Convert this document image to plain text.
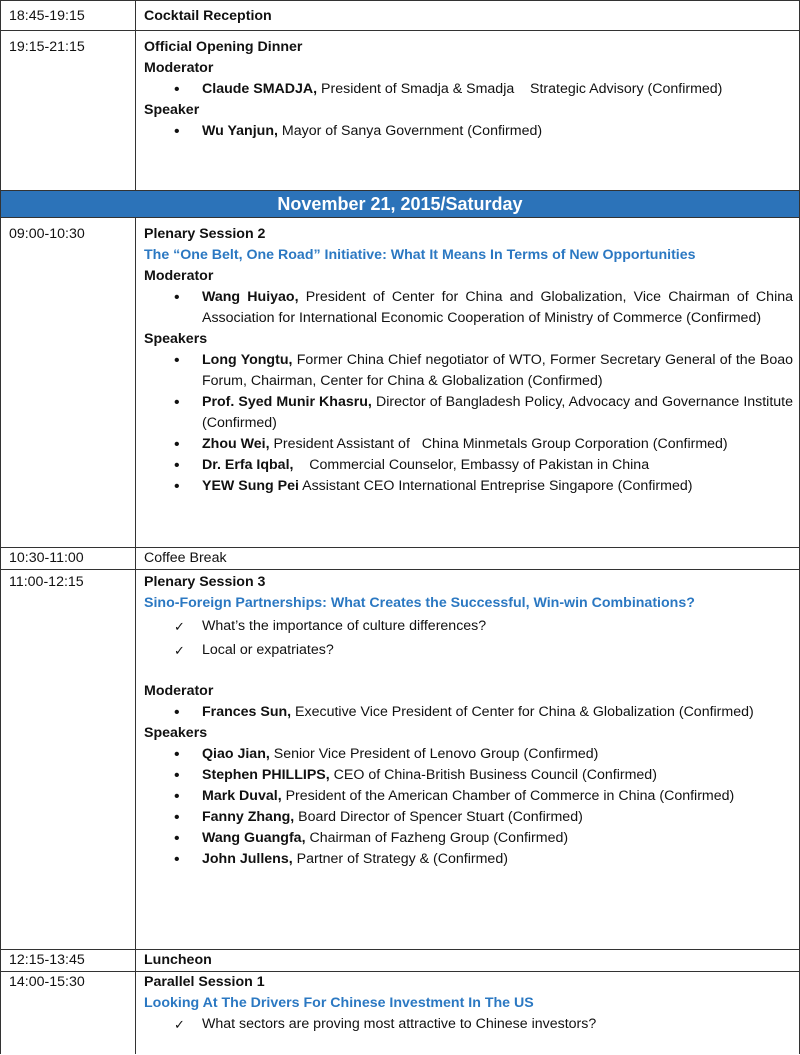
18:45-19:15	Cocktail Reception
19:15-21:15	Official Opening Dinner
Moderator
• Claude SMADJA, President of Smadja & Smadja    Strategic Advisory (Confirmed)
Speaker
• Wu Yanjun, Mayor of Sanya Government (Confirmed)
November 21, 2015/Saturday
09:00-10:30	Plenary Session 2
The “One Belt, One Road” Initiative: What It Means In Terms of New Opportunities
Moderator
• Wang Huiyao, President of Center for China and Globalization, Vice Chairman of China Association for International Economic Cooperation of Ministry of Commerce (Confirmed)
Speakers
• Long Yongtu, Former China Chief negotiator of WTO, Former Secretary General of the Boao Forum, Chairman, Center for China & Globalization (Confirmed)
• Prof. Syed Munir Khasru, Director of Bangladesh Policy, Advocacy and Governance Institute (Confirmed)
• Zhou Wei, President Assistant of   China Minmetals Group Corporation (Confirmed)
• Dr. Erfa Iqbal,    Commercial Counselor, Embassy of Pakistan in China
• YEW Sung Pei Assistant CEO International Entreprise Singapore (Confirmed)
10:30-11:00	Coffee Break
11:00-12:15	Plenary Session 3
Sino-Foreign Partnerships: What Creates the Successful, Win-win Combinations?
✓ What’s the importance of culture differences?
✓ Local or expatriates?
Moderator
• Frances Sun, Executive Vice President of Center for China & Globalization (Confirmed)
Speakers
• Qiao Jian, Senior Vice President of Lenovo Group (Confirmed)
• Stephen PHILLIPS, CEO of China-British Business Council (Confirmed)
• Mark Duval, President of the American Chamber of Commerce in China (Confirmed)
• Fanny Zhang, Board Director of Spencer Stuart (Confirmed)
• Wang Guangfa, Chairman of Fazheng Group (Confirmed)
• John Jullens, Partner of Strategy & (Confirmed)
12:15-13:45	Luncheon
14:00-15:30	Parallel Session 1
Looking At The Drivers For Chinese Investment In The US
✓ What sectors are proving most attractive to Chinese investors?
